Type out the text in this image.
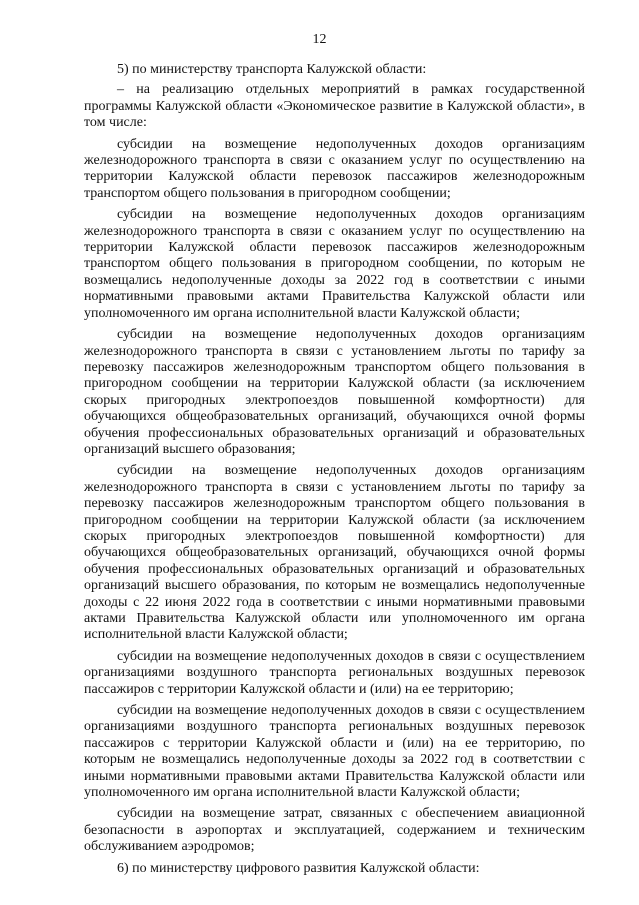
12

5) по министерству транспорта Калужской области:

– на реализацию отдельных мероприятий в рамках государственной программы Калужской области «Экономическое развитие в Калужской области», в том числе:

субсидии на возмещение недополученных доходов организациям железнодорожного транспорта в связи с оказанием услуг по осуществлению на территории Калужской области перевозок пассажиров железнодорожным транспортом общего пользования в пригородном сообщении;

субсидии на возмещение недополученных доходов организациям железнодорожного транспорта в связи с оказанием услуг по осуществлению на территории Калужской области перевозок пассажиров железнодорожным транспортом общего пользования в пригородном сообщении, по которым не возмещались недополученные доходы за 2022 год в соответствии с иными нормативными правовыми актами Правительства Калужской области или уполномоченного им органа исполнительной власти Калужской области;

субсидии на возмещение недополученных доходов организациям железнодорожного транспорта в связи с установлением льготы по тарифу за перевозку пассажиров железнодорожным транспортом общего пользования в пригородном сообщении на территории Калужской области (за исключением скорых пригородных электропоездов повышенной комфортности) для обучающихся общеобразовательных организаций, обучающихся очной формы обучения профессиональных образовательных организаций и образовательных организаций высшего образования;

субсидии на возмещение недополученных доходов организациям железнодорожного транспорта в связи с установлением льготы по тарифу за перевозку пассажиров железнодорожным транспортом общего пользования в пригородном сообщении на территории Калужской области (за исключением скорых пригородных электропоездов повышенной комфортности) для обучающихся общеобразовательных организаций, обучающихся очной формы обучения профессиональных образовательных организаций и образовательных организаций высшего образования, по которым не возмещались недополученные доходы с 22 июня 2022 года в соответствии с иными нормативными правовыми актами Правительства Калужской области или уполномоченного им органа исполнительной власти Калужской области;

субсидии на возмещение недополученных доходов в связи с осуществлением организациями воздушного транспорта региональных воздушных перевозок пассажиров с территории Калужской области и (или) на ее территорию;

субсидии на возмещение недополученных доходов в связи с осуществлением организациями воздушного транспорта региональных воздушных перевозок пассажиров с территории Калужской области и (или) на ее территорию, по которым не возмещались недополученные доходы за 2022 год в соответствии с иными нормативными правовыми актами Правительства Калужской области или уполномоченного им органа исполнительной власти Калужской области;

субсидии на возмещение затрат, связанных с обеспечением авиационной безопасности в аэропортах и эксплуатацией, содержанием и техническим обслуживанием аэродромов;

6) по министерству цифрового развития Калужской области:
